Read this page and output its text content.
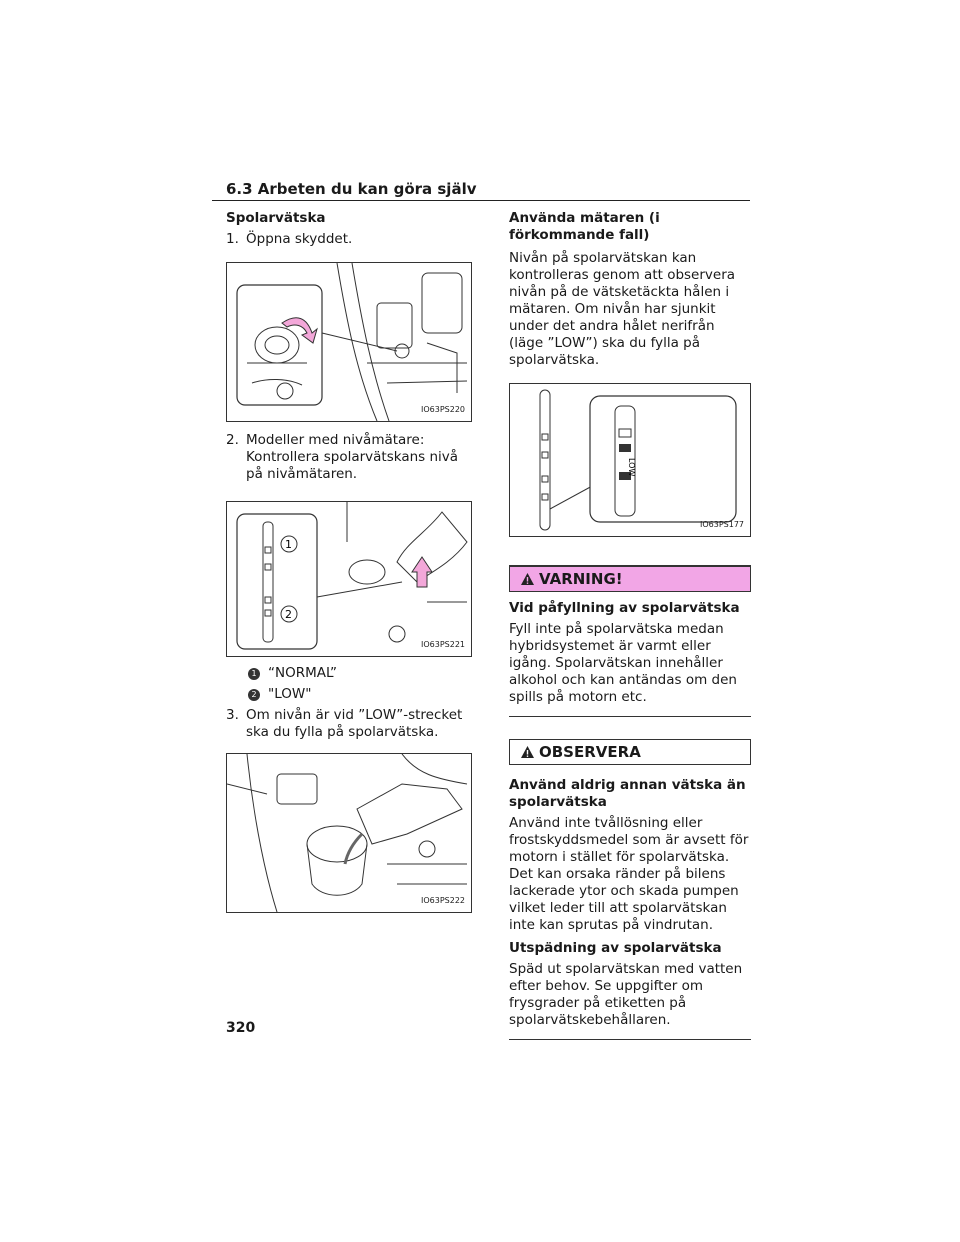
6.3 Arbeten du kan göra själv
Spolarvätska
1. Öppna skyddet.
IO63PS220
2. Modeller med nivåmätare: Kontrollera spolarvätskans nivå på nivåmätaren.
1
2
IO63PS221
1 “NORMAL”
2 "LOW"
3. Om nivån är vid ”LOW”-strecket ska du fylla på spolarvätska.
IO63PS222
Använda mätaren (i förkommande fall)

Nivån på spolarvätskan kan kontrolleras genom att observera nivån på de vätsketäckta hålen i mätaren. Om nivån har sjunkit under det andra hålet nerifrån (läge ”LOW”) ska du fylla på spolarvätska.

LOW
IO63PS177
VARNING!
Vid påfyllning av spolarvätska

Fyll inte på spolarvätska medan hybridsystemet är varmt eller igång. Spolarvätskan innehåller alkohol och kan antändas om den spills på motorn etc.

OBSERVERA
Använd aldrig annan vätska än spolarvätska

Använd inte tvållösning eller frostskyddsmedel som är avsett för motorn i stället för spolarvätska. Det kan orsaka ränder på bilens lackerade ytor och skada pumpen vilket leder till att spolarvätskan inte kan sprutas på vindrutan.

Utspädning av spolarvätska

Späd ut spolarvätskan med vatten efter behov. Se uppgifter om frysgrader på etiketten på spolarvätskebehållaren.

320
